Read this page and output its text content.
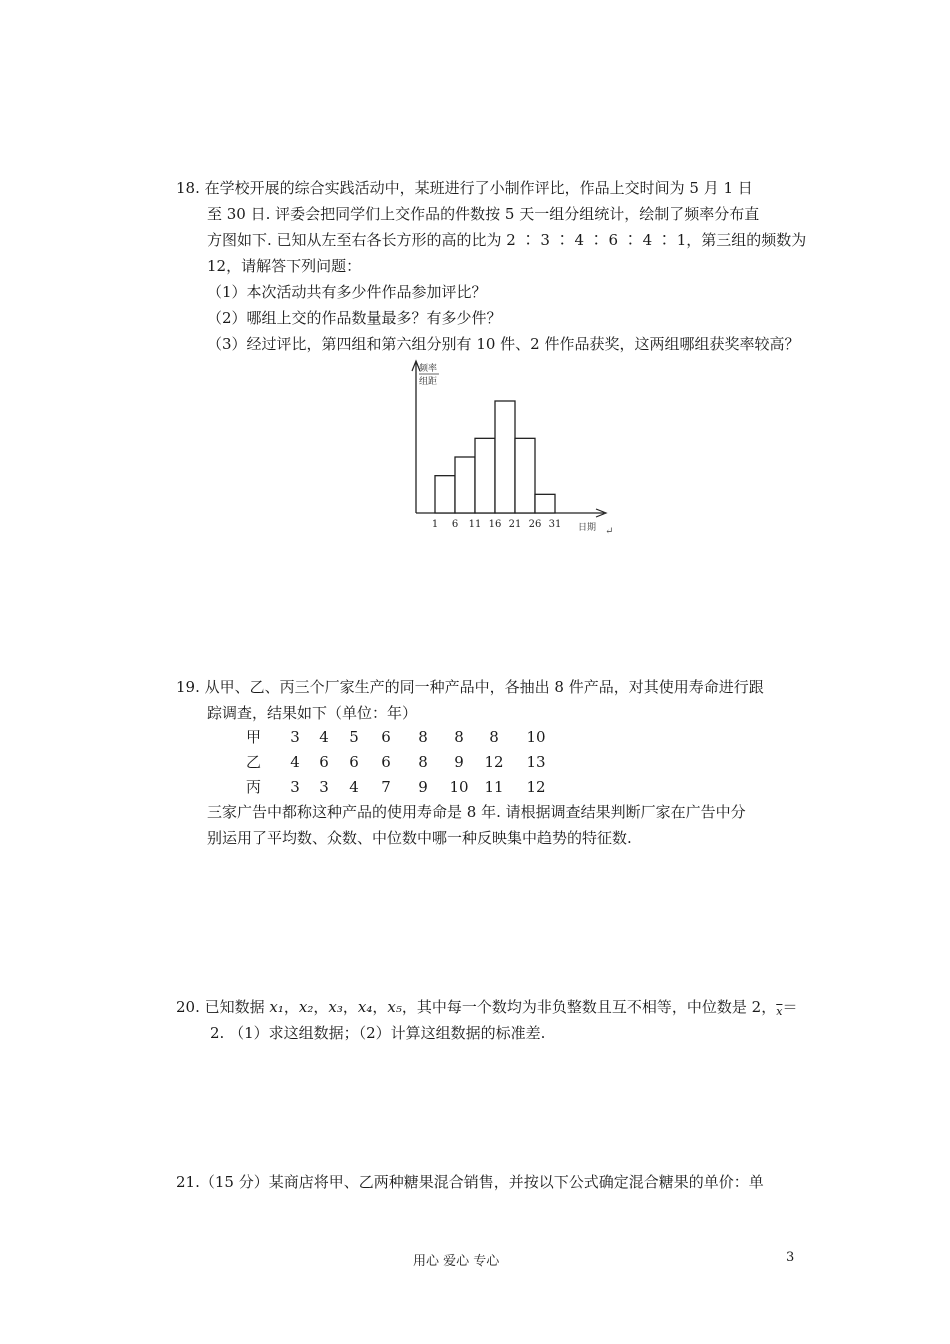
18. 在学校开展的综合实践活动中，某班进行了小制作评比，作品上交时间为 5 月 1 日
至 30 日. 评委会把同学们上交作品的件数按 5 天一组分组统计，绘制了频率分布直
方图如下. 已知从左至右各长方形的高的比为 2 ∶ 3 ∶ 4 ∶ 6 ∶ 4 ∶ 1，第三组的频数为
12，请解答下列问题：
（1）本次活动共有多少件作品参加评比？
（2）哪组上交的作品数量最多？有多少件？
（3）经过评比，第四组和第六组分别有 10 件、2 件作品获奖，这两组哪组获奖率较高？
1 6 11 16 21 26 31
频率
组距
日期 ↵
19. 从甲、乙、丙三个厂家生产的同一种产品中，各抽出 8 件产品，对其使用寿命进行跟
踪调查，结果如下（单位：年）
甲	3	4	5	6	8	8	8	10
乙	4	6	6	6	8	9	12 13
丙	3	3	4	7	9	10 11 12
三家广告中都称这种产品的使用寿命是 8 年. 请根据调查结果判断厂家在广告中分
别运用了平均数、众数、中位数中哪一种反映集中趋势的特征数.
20. 已知数据 x₁，x₂，x₃，x₄，x₅，其中每一个数均为非负整数且互不相等，中位数是 2，$_{\overline{x}}$＝
2. （1）求这组数据；（2）计算这组数据的标准差.
21.（15 分）某商店将甲、乙两种糖果混合销售，并按以下公式确定混合糖果的单价：单
用心 爱心 专心	3
